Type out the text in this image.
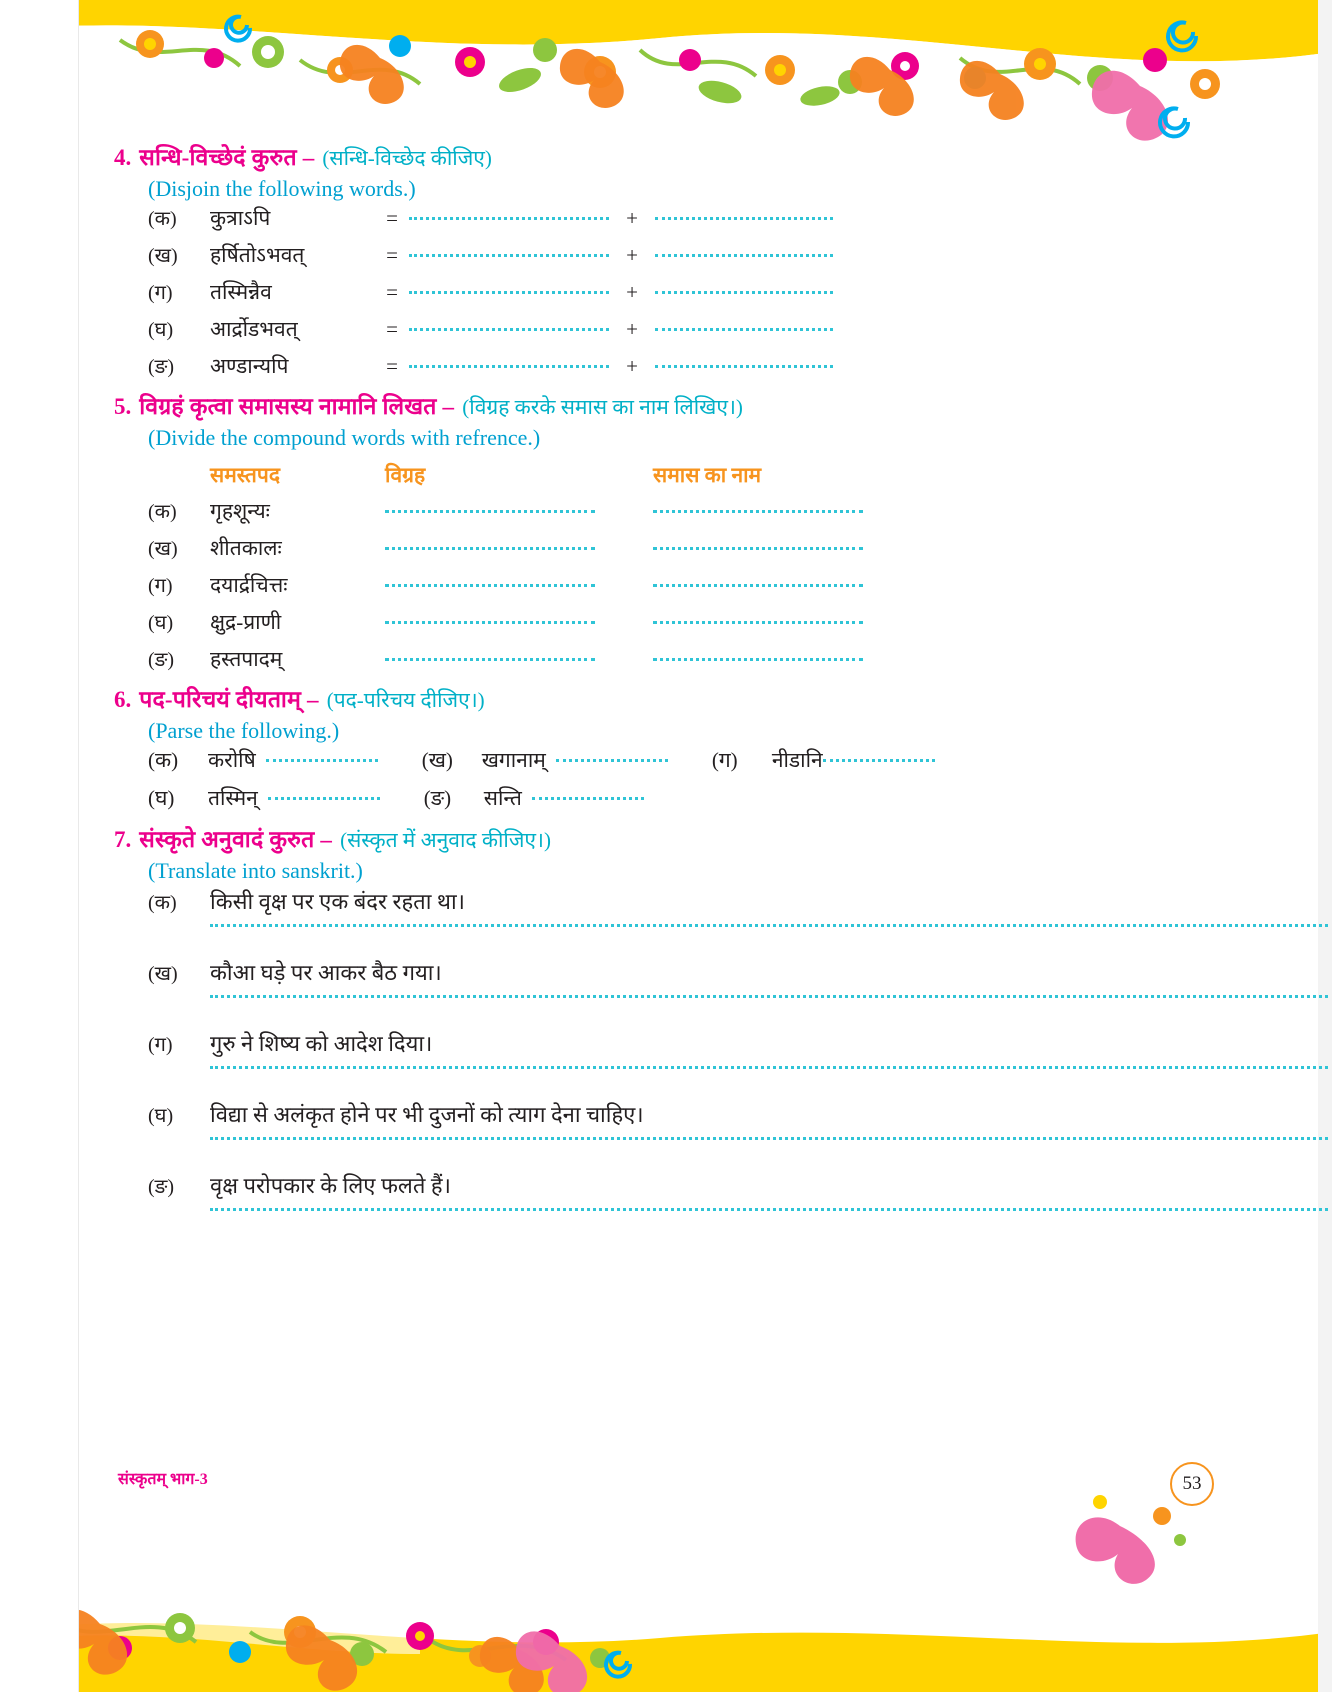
4. सन्धि-विच्छेदं कुरुत – (सन्धि-विच्छेद कीजिए)
(Disjoin the following words.)
(क)	कुत्राऽपि	=	+
(ख)	हर्षितोऽभवत्	=	+
(ग)	तस्मिन्नैव	=	+
(घ)	आर्द्रोडभवत्	=	+
(ङ)	अण्डान्यपि	=	+
5. विग्रहं कृत्वा समासस्य नामानि लिखत – (विग्रह करके समास का नाम लिखिए।)
(Divide the compound words with refrence.)
समस्तपद	विग्रह	समास का नाम
(क)	गृहशून्यः
(ख)	शीतकालः
(ग)	दयार्द्रचित्तः
(घ)	क्षुद्र-प्राणी
(ङ)	हस्तपादम्
6. पद-परिचयं दीयताम् – (पद-परिचय दीजिए।)
(Parse the following.)
(क)	करोषि	(ख)	खगानाम्	(ग)	नीडानि
(घ)	तस्मिन्	(ङ)	सन्ति
7. संस्कृते अनुवादं कुरुत – (संस्कृत में अनुवाद कीजिए।)
(Translate into sanskrit.)
(क)	किसी वृक्ष पर एक बंदर रहता था।
(ख)	कौआ घड़े पर आकर बैठ गया।
(ग)	गुरु ने शिष्य को आदेश दिया।
(घ)	विद्या से अलंकृत होने पर भी दुजनों को त्याग देना चाहिए।
(ङ)	वृक्ष परोपकार के लिए फलते हैं।
संस्कृतम् भाग-3	53
